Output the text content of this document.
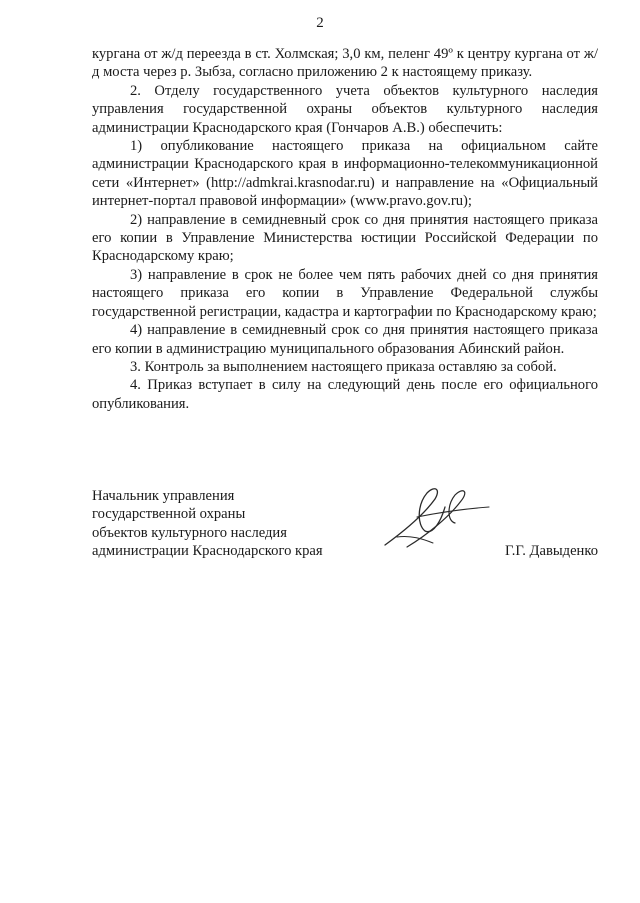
2

кургана от ж/д переезда в ст. Холмская; 3,0 км, пеленг 49º к центру кургана от ж/д моста через р. Зыбза, согласно приложению 2 к настоящему приказу.

2. Отделу государственного учета объектов культурного наследия управления государственной охраны объектов культурного наследия администрации Краснодарского края (Гончаров А.В.) обеспечить:

1) опубликование настоящего приказа на официальном сайте администрации Краснодарского края в информационно-телекоммуникационной сети «Интернет» (http://admkrai.krasnodar.ru) и направление на «Официальный интернет-портал правовой информации» (www.pravo.gov.ru);

2) направление в семидневный срок со дня принятия настоящего приказа его копии в Управление Министерства юстиции Российской Федерации по Краснодарскому краю;

3) направление в срок не более чем пять рабочих дней со дня принятия настоящего приказа его копии в Управление Федеральной службы государственной регистрации, кадастра и картографии по Краснодарскому краю;

4) направление в семидневный срок со дня принятия настоящего приказа его копии в администрацию муниципального образования Абинский район.

3. Контроль за выполнением настоящего приказа оставляю за собой.

4. Приказ вступает в силу на следующий день после его официального опубликования.

Начальник управления
государственной охраны
объектов культурного наследия
администрации Краснодарского края	Г.Г. Давыденко
